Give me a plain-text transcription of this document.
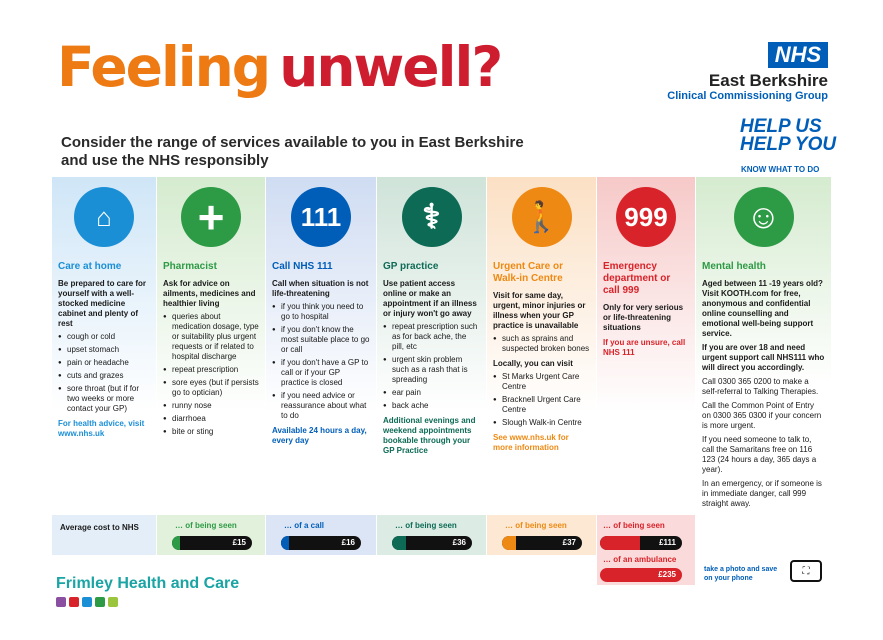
Feeling unwell?	NHS
East Berkshire
Clinical Commissioning Group
HELP US
HELP YOU
KNOW WHAT TO DO
Consider the range of services available to you in East Berkshire and use the NHS responsibly
⌂
Care at home
Be prepared to care for yourself with a well-stocked medicine cabinet and plenty of rest
● cough or cold
● upset stomach
● pain or headache
● cuts and grazes
● sore throat (but if for two weeks or more contact your GP)
For health advice, visit www.nhs.uk
+
Pharmacist
Ask for advice on ailments, medicines and healthier living
● queries about medication dosage, type or suitability plus urgent requests or if related to hospital discharge
● repeat prescription
● sore eyes (but if persists go to optician)
● runny nose
● diarrhoea
● bite or sting
111
Call NHS 111
Call when situation is not life-threatening
● if you think you need to go to hospital
● if you don't know the most suitable place to go or call
● if you don't have a GP to call or if your GP practice is closed
● if you need advice or reassurance about what to do
Available 24 hours a day, every day
⚕
GP practice
Use patient access online or make an appointment if an illness or injury won't go away
● repeat prescription such as for back ache, the pill, etc
● urgent skin problem such as a rash that is spreading
● ear pain
● back ache
Additional evenings and weekend appointments bookable through your GP Practice
🚶
Urgent Care or Walk-in Centre
Visit for same day, urgent, minor injuries or illness when your GP practice is unavailable
● such as sprains and suspected broken bones
Locally, you can visit
● St Marks Urgent Care Centre
● Bracknell Urgent Care Centre
● Slough Walk-in Centre
See www.nhs.uk for more information
999
Emergency department or call 999
Only for very serious or life-threatening situations
If you are unsure, call NHS 111
☺
Mental health
Aged between 11 -19 years old? Visit KOOTH.com for free, anonymous and confidential online counselling and emotional well-being support service.
If you are over 18 and need urgent support call NHS111 who will direct you accordingly.
Call 0300 365 0200 to make a self-referral to Talking Therapies.
Call the Common Point of Entry on 0300 365 0300 if your concern is more urgent.
If you need someone to talk to, call the Samaritans free on 116 123 (24 hours a day, 365 days a year).
In an emergency, or if someone is in immediate danger, call 999 straight away.
Average cost to NHS	… of being seen
£15
… of a call
£16
… of being seen
£36
… of being seen
£37
… of being seen
£111
… of an ambulance
£235
Frimley Health and Care
take a photo and save on your phone
⛶
